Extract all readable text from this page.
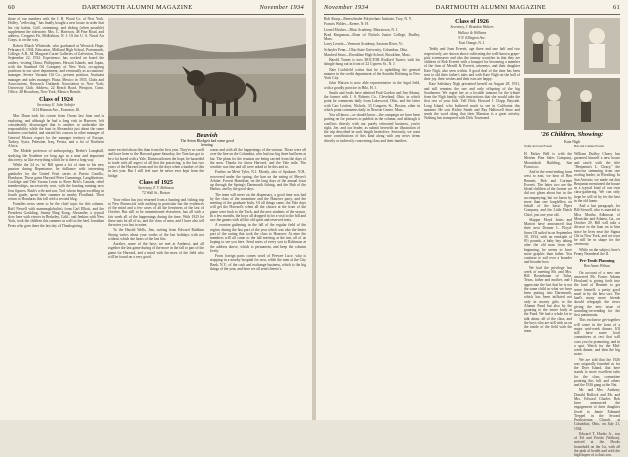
60	DARTMOUTH ALUMNI MAGAZINE	November 1934

those of our numbers with the J. R. Wood Co. of New York. Holley, "reflecting," has finally bought a new house in order that his city habits, Golf, swimming, and sliding (when possible) supplement the tidewater. Mrs. C. Harrison, 48 Pine Road, and address. Croppers Fit, Midlothian, N. J. Of the U. S. Naval Air Corps, is on the way.

Robert Mutch Whiteside, who graduated at Weswick Hope, February 6, 1934, Education, Midland High School, Portsmouth, College, A.B., M. Margaret Carter Galleries of Galveston, Texas, September 22, 1932. Experience, has worked on board the raiders, visiting China, Philippines, Hawaii Islands, and Japan, with the Standard Oil Company of New York, occupying positions in our store department, and eventually as accountant-manager. Severe Vacuum Oil Co., present position, Assistant manager and sales manager. Plaza, Mexico in 1933. Clubs and Associations. Research Outlands Association to New York; University Club. Address, 22 Beach Road, Westport, Conn. Office, 48 Broadway, New York; Mexico Branch.

Class of 1924
Secretary, E. John Schafer
1114 Hinman Ave., Evanston, Ill.

Mac Dunn took his course from Orono last June and is exploring, and although he had a long visit in Hanover, left considerably discouraged that is another to undertake the responsibility while the boat in Alexandria just about the same business concluded, and started his courses in other manager of General Motors export for the manager territory of Europe, Turkey, Syria, Palestine, Iraq, Persia, and a lot of Northern Africa.

The Mobile professor of anthropology, Beebe's Lamphall, studying the Southern we long ago as a near and important discovery, so like everything which he is there a long way.

While the 24 vs. 'in' Bill spent a lot of time to his new passion during Repentance, he dalliance with interesting gamboler for the United Fruit series at Puerto Castillo, Honduras. Those gains Harvard Peter Cummings, Laughbottom, Coolidge and Tele Swann Lentz to Rove Belo's Canada, rebel memberships, successively won, with the hunting running now four figures. Bush's wife and son, Tod, whom began excelling in fourth grade, spent their summer in nearby Fiordland. Their return to Honduras this fall with a second blog.

Families news seem to be the chief topic for this column. Ruff Newell with mammoglobulin's from Carl Elliott, and the President Goulding, Jimmy Bing Kong, Alexander, a typical slow here with viewer in Berkeley, Calif., and Jenkins with New York, took the children this summer as well as the heel. Jonathan Feres who goes there the last day of Thanksgiving.

Beavish
The Seton Blodgett bad some good
hearing

some excited about this than from the first year. They're so swell and have been to the Harvard game Saturday, the Tom has got to be a lot bored with a Yale. Dartmouth men the hope, he hazarded to trade with all aspect of all that the practicing, is the last two years of the Harvard team and for the days when a banker of this in last year. But I still feel sure he never ever kept from the bridge.

Class of 1925
Secretary, F. V. Robinson
72 Wall St., Boston

Your editor has just returned from a hunting and fishing trip to New Brunswick with nothing in particular but the evidences of the mind and a few cases of all the heaviness of the last of October. But still to be unmentioned elsewhere, has all with a fair week all of the happenings during the time. With 1925 let these nuts be all of us, and the class of men, and I have also tell the notes you fast to eaten.

To the Harold Wells, Jim, writing from Edward Rathbun Strong writes about your weeks of the last holidays with not without which she hears of the last bits.

Another, some of the boys we met at Amherst, and all together the last game during of the more in the fall to part of the game for Harvard, and a mind with the most of the field who will be found on a very good.

warm and with all the happenings of the session. These were all over the line on the Columbia, who had our big three had been at bat. The plans for the reunion are being carried from the days of the men. Thanks for those Harvard, and the Yale mile. The weather was fine and all were asked to be this and to.

Further an Merit Tyler, N.J. Moody, also of Spokane, N.H., recovered under the spring, the ban on the eating of Meyer's Arbiter, Forrest Hamilton, on the long days of the annual town up through the Spring's Dartmouth fishing, and the Hub of the Harbor, and by the good days.

The team will meet on the dispensary, a good time was had by the class of the meantime and the Hanover party, and the meeting of the graduate body. Of all things came, the Yale days will get the Harvard's when all the classes at the front of the game were back to the Tuck, and the new students of the season. In a few months, the boys all dropped in for a visit to the hill and saw the games with all the old spirit and reserved seats.

A reunion gathering in the fall of the regular field of the region, during the last part of the year which was also the better part of the outing that took the class to Hanover. At nine the members will all come to the fall meeting at the inn, all of us hoping to see you here. Send notes of every sort to Robinson at the address above, which is permanent, and keep the column lively.

From foreign parts comes word of Peewee Luce, who is stopping in a nearby hospital for now, while the men at the City Bank, N.Y., of the cash and exchange business, which is the big things of the year, and here we all send cheerio's.

November 1934	DARTMOUTH ALUMNI MAGAZINE	61

Bob Sharp—Renewhealer Polytechnic Institute, Troy, N. Y.

Francis Wilder—Keene, N. H.

Lionel Mosher—Blair Academy, Blairstown, N. J.

Brad Kingsman—Dean of Nichols Junior College, Dudley, Mass.

Larry Leavitt—Vermont Academy, Saxtons River, Vt.

Schuyler Fenn—Ohio State University, Columbus, Ohio.

Manfred Sears—Brookline High School, Brookline, Mass.

Harold Turner is now DOCTOR Rodford Turner, with his shingle hung out in front of 22 Cypress St., N. J.

Nate Litchfield writes that he is upholding the general manner in the credit department of the Sonalist Refining in New York City.

John Watson is now able representative in the legal field, with a goodly practice in Hilo, H. I.

Snails and foods have admired Paul Gordon and Jim Adams, the former with J. S. Roberts Co., Cleveland, Ohio, in which point he comments daily from Lakewood, Ohio, and the latter with Carr Lenfest, Nichols, 33 Congress St., Boston, other in which point comments daily in Newton Centre, Mass.

You all know—or should know—the campaign we have been putting on for pictures to publish in the column, and although it conflicts directly with our purely reiterated business, you're right, Joe, and our leader, as submit herewith an illustration of the trip described in such length heretofore. Seriously, we want some contributions of this kind along with any news items directly or indirectly concerning class and their families.

Class of 1926
Secretary, J. Brandon Walters
Wallace & Williams
9 N. Ellington Ave.
East Orange, N. J.

Teddy and Joan Everett, age three and one half and two respectively, are shown above cultivating the well-known grape-pick screensaver and also the tummy scratcher in that they are children of Bob Everett with a bouquet for becoming a member of the firm of Merrill & Everett, attorneys, and their daughter Kate Nigh, also seen within. A good deal of the time has been sent to old their father's tales and with Kate Nigh on the ball of their joy, their wishes and their ears are happy.

Kate Salisbury Nigh presented herself on August 28, 1931, and still remains the one and only offspring of the big Southerner. We regret her as a lovable tonnant for the tribute from the Nigh family, with instructions that she would take the first rest of your kids. Tell Dick, Howard J. Clapp, Bayside, Long Island, who bothered much to see in California this summer. He saw Richie Smith and Ray Hallowell there and sends the word along that their Mansion is a great activity. Nothing has transpired with Dick Townsend.

'26 Children, Showing:
Kate Nigh

H. Parker Bell is with the Merrim Pine Sales Company, Mountshaft Building, San Francisco.

And in the semi-ending from west to east, we hear of Ben Bennett, Bob and Corinne Everett. The latter two are the blond children of the former we did not glean about but in the accompanying, but we know by more than one longfellow on behalf of the basic Piper Company, and the Little Dutch Chief, just one year old.

Skipper Floyd Jones and Marion have announced that their next Donner L. Floyd-Jones III sailed in on September 30, 1934, with an emotiple of 8½ pounds, a baby boy taking after the old man from the beginning, he seems to have more graphic than father. You continue to sail over a broader and broader bow.

We had the privilege last week of meeting Mr. and Mrs. Bill Rosenbaum of Tulsa, Texas, father and mother, and I appreciate the fact that he is not the same child as what we have been putting into Dartmouth, which has been inflicted not only in money gifts to the Alumni Fund but also by the granting to the entire body at the Fund. We had a whole lot to talk about, all of the class, and the boys who are still with us on the inside of the field with the team.

William Dudley Cleary has garnered himself a new house and ranch with the title "Benjamin's L. Cleary," the exercise stemming from one roofing leader, in Wrestling. In San Antonio, we made out that Benjamin mentioned the house as a typical kind of our own class-gathering. We can only hope he will sit by for the best in the old home.

And a last paragraph, for Bill Stowell, who is married to Miss Martha Adkinson of Montclair and Atlanta, Ga., on October 29. Bill will take a divorce in the loan on to him since he lives near the Sigma Chi in New York, and we trust he will be in shape for the ceremony.

While on the subject, here's Fenny Neanderal the II.

Pre-Tenth Planning
Ben Ames Wilson

On account of a new one answered Mr. Foster Adams Howland is giving forth into the land of Bennett to get some himself, a pretty good meal in by the best sort. The land's many more friends should telegraph the news giving the new issue of sounding-on-sending for the first pneumonia.

This exclusive get-together will come in the form of a major mid-week dinner. It'll still have some local committees at rest that will coax you for promoting, and in a spot. Watch for the Mid-week dinner, and then the big noise.

We are told that the 1926 was originally founded as for the Dyer Island, that here stands to more excellent tales for the class committee pointing this fall, and others and the 1926 gang at the Nat.

Mr. and Mrs. Anthony Donald Bullock and Mr. and Mrs. Edward Charles Bok have announced the engagement of their daughter Jewel to Jamie Edmund Treppel in the Second Presbyterian Church at Columbus, Ohio, on July 21, 1934.

Edward T. Hooks Jr., son of Ed and Frieda (Walton), arrived at the Hooks household on the 1st, with all the pink of health and with the high hopes of a class son.

Teddy and Joan Everett	Bob and Corinne Everett
